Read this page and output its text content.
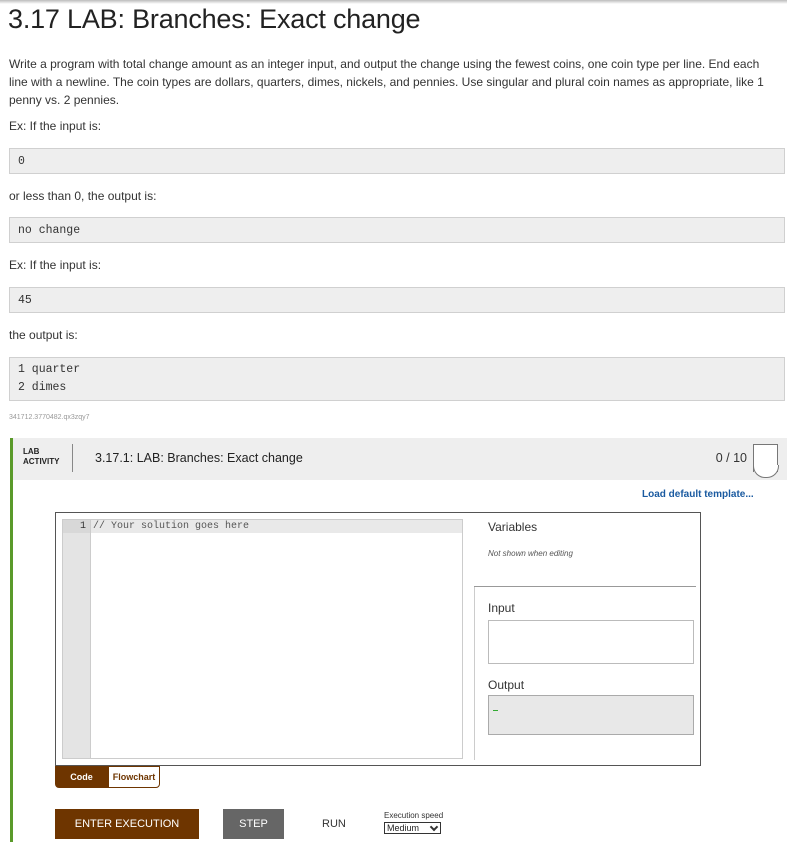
3.17 LAB: Branches: Exact change

Write a program with total change amount as an integer input, and output the change using the fewest coins, one coin type per line. End each line with a newline. The coin types are dollars, quarters, dimes, nickels, and pennies. Use singular and plural coin names as appropriate, like 1 penny vs. 2 pennies.

Ex: If the input is:
0
or less than 0, the output is:
no change
Ex: If the input is:
45
the output is:
1 quarter
2 dimes
341712.3770482.qx3zqy7
LAB
ACTIVITY	3.17.1: LAB: Branches: Exact change	0 / 10
Load default template...
1 // Your solution goes here	Variables
Not shown when editing
Input
Output
Code	Flowchart
ENTER EXECUTION	STEP	RUN
Execution speed
Medium
